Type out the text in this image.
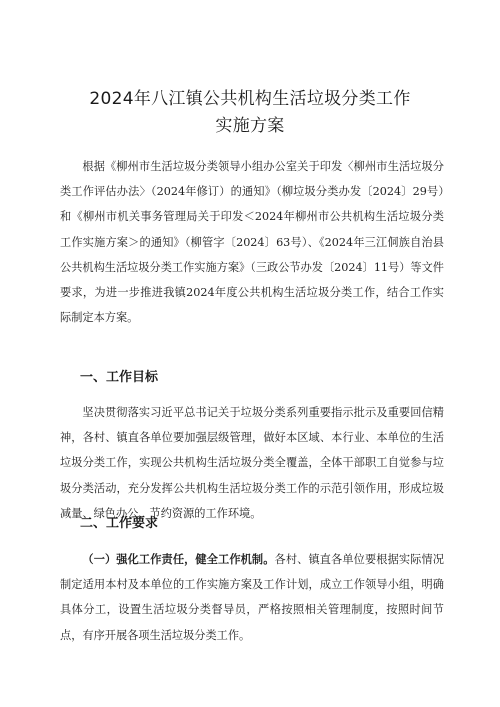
2024年八江镇公共机构生活垃圾分类工作
实施方案

根据《柳州市生活垃圾分类领导小组办公室关于印发〈柳州市生活垃圾分类工作评估办法〉（2024年修订）的通知》（柳垃圾分类办发〔2024〕29号）和《柳州市机关事务管理局关于印发＜2024年柳州市公共机构生活垃圾分类工作实施方案＞的通知》（柳管字〔2024〕63号）、《2024年三江侗族自治县公共机构生活垃圾分类工作实施方案》（三政公节办发〔2024〕11号）等文件要求，为进一步推进我镇2024年度公共机构生活垃圾分类工作，结合工作实际制定本方案。

一、工作目标

坚决贯彻落实习近平总书记关于垃圾分类系列重要指示批示及重要回信精神，各村、镇直各单位要加强层级管理，做好本区域、本行业、本单位的生活垃圾分类工作，实现公共机构生活垃圾分类全覆盖，全体干部职工自觉参与垃圾分类活动，充分发挥公共机构生活垃圾分类工作的示范引领作用，形成垃圾减量、绿色办公、节约资源的工作环境。

二、工作要求

（一）强化工作责任，健全工作机制。各村、镇直各单位要根据实际情况制定适用本村及本单位的工作实施方案及工作计划，成立工作领导小组，明确具体分工，设置生活垃圾分类督导员，严格按照相关管理制度，按照时间节点，有序开展各项生活垃圾分类工作。
